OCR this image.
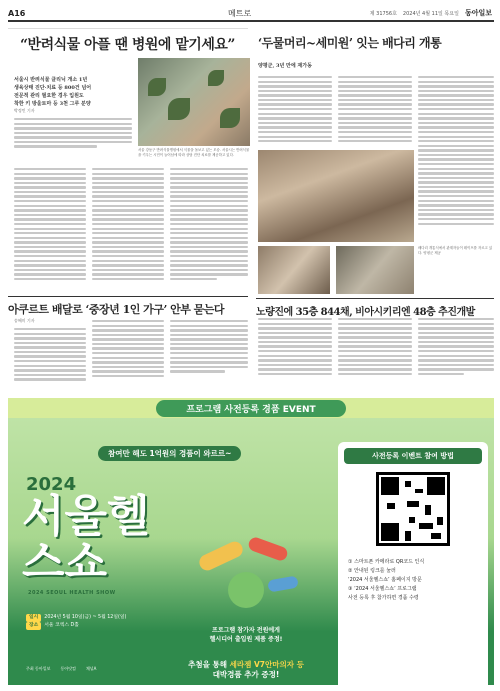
A16	메트로	제 31756호 2024년 4월 11일 목요일 동아일보
“반려식물 아플 땐 병원에 맡기세요”
서울시 반려식물 클리닉 개소 1년
생육상태 진단·치료 등 800건 넘어
전문적 관리 필요한 경우 입원도
착한 키 방울토마 등 3천 그루 분양
박정민 기자
서울 강동구 반려식물병원에서 식물을 돌보고 있는 모습. 서울시는 반려식물을 키우는 시민이 늘어남에 따라 상담 진단 치료를 제공하고 있다.
아쿠르트 배달로 ‘중장년 1인 가구’ 안부 묻는다
송혜미 기자
‘두물머리~세미원’ 잇는 배다리 개통
양평군, 3년 만에 재가동
배다리 개통식에서 관계자들이 테이프를 자르고 있다. 양평군 제공
노량진에 35층 844채, 비아시키리엔 48층 추진개발
프로그램 사전등록 경품 EVENT
참여만 해도 1억원의 경품이 와르르~
2024
서울헬스쇼
2024 SEOUL HEALTH SHOW
일시 2024년 5월 10일(금) ~ 5월 12일(일)
장소 서울 코엑스 D홀
주최 동아일보	동아닷컴	채널A
프로그램 참가자 전원에게
헬시디어 출입원 제품 증정!
추첨을 통해 세라젬 V7안마의자 등
대박경품 추가 증정!
사전등록 이벤트 참여 방법
① 스마트폰 카메라로 QR코드 인식
② 안내된 링크를 눌러
‘2024 서울헬스쇼’ 홈페이지 방문
③ ‘2024 서울헬스쇼’ 프로그램
사전 등록 후 참가하면 경품 수령
